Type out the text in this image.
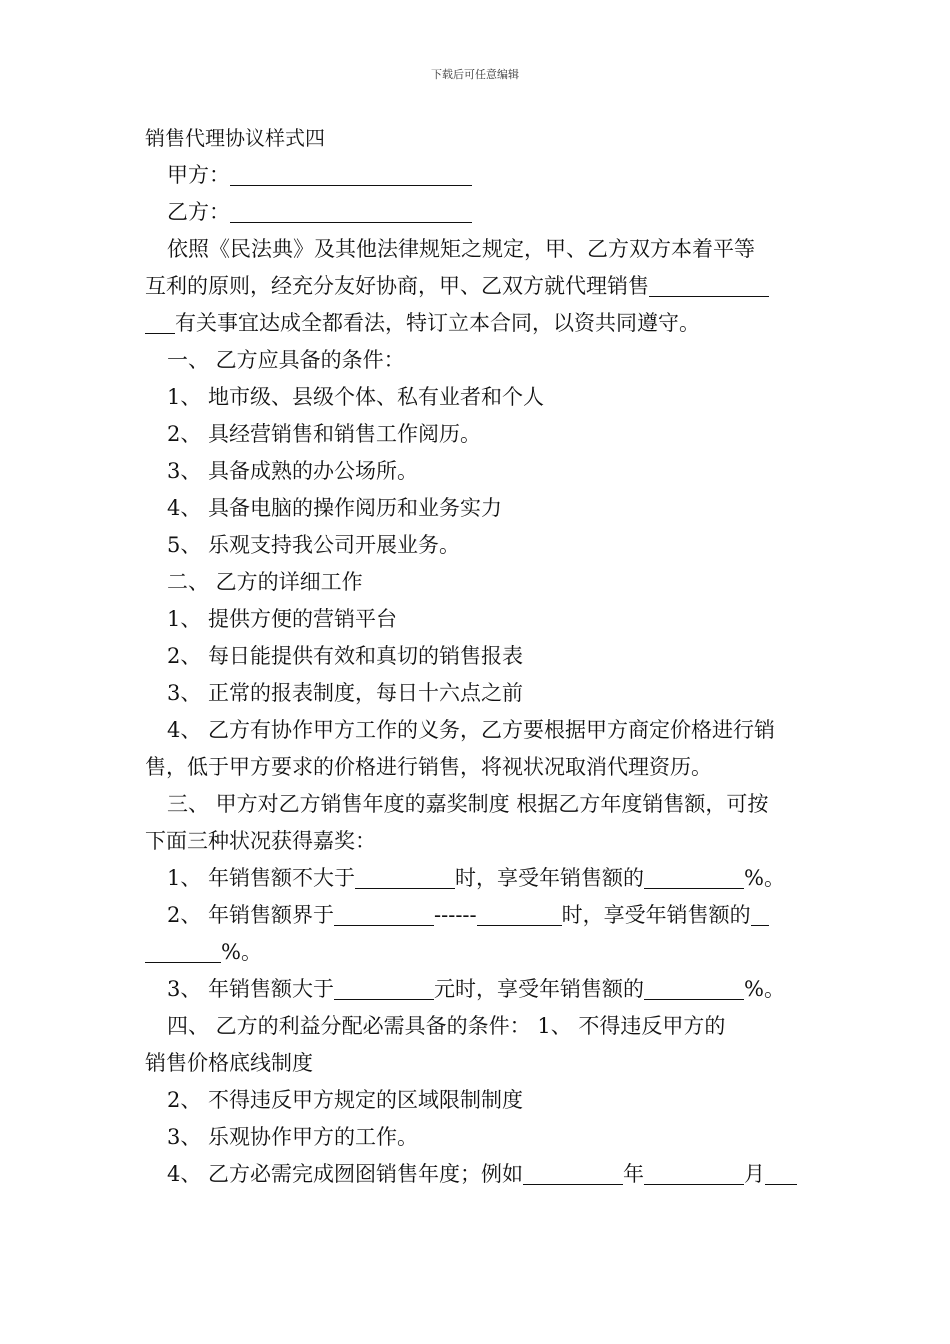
下载后可任意编辑
销售代理协议样式四
甲方：
乙方：
依照《民法典》及其他法律规矩之规定，甲、乙方双方本着平等
互利的原则，经充分友好协商，甲、乙双方就代理销售
有关事宜达成全都看法，特订立本合同，以资共同遵守。
一、 乙方应具备的条件：
1、 地市级、县级个体、私有业者和个人
2、 具经营销售和销售工作阅历。
3、 具备成熟的办公场所。
4、 具备电脑的操作阅历和业务实力
5、 乐观支持我公司开展业务。
二、 乙方的详细工作
1、 提供方便的营销平台
2、 每日能提供有效和真切的销售报表
3、 正常的报表制度，每日十六点之前
4、 乙方有协作甲方工作的义务，乙方要根据甲方商定价格进行销
售，低于甲方要求的价格进行销售，将视状况取消代理资历。
三、 甲方对乙方销售年度的嘉奖制度 根据乙方年度销售额，可按
下面三种状况获得嘉奖：
1、 年销售额不大于	时，享受年销售额的	%。
2、 年销售额界于	------	时，享受年销售额的
%。
3、 年销售额大于	元时，享受年销售额的	%。
四、 乙方的利益分配必需具备的条件： 1、 不得违反甲方的
销售价格底线制度
2、 不得违反甲方规定的区域限制制度
3、 乐观协作甲方的工作。
4、 乙方必需完成囫囵销售年度；例如	年	月
